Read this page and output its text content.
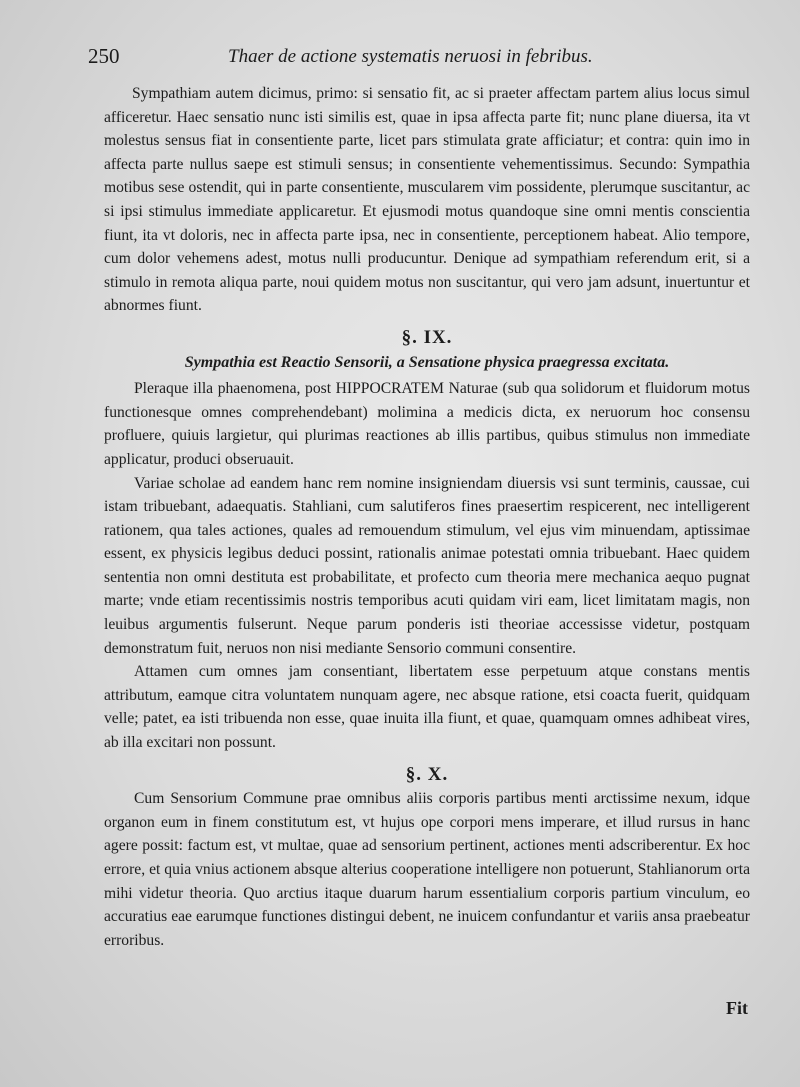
250	Thaer de actione systematis neruosi in febribus.

Sympathiam autem dicimus, primo: si sensatio fit, ac si praeter affectam partem alius locus simul afficeretur. Haec sensatio nunc isti similis est, quae in ipsa affecta parte fit; nunc plane diuersa, ita vt molestus sensus fiat in consentiente parte, licet pars stimulata grate afficiatur; et contra: quin imo in affecta parte nullus saepe est stimuli sensus; in consentiente vehementissimus. Secundo: Sympathia motibus sese ostendit, qui in parte consentiente, muscularem vim possidente, plerumque suscitantur, ac si ipsi stimulus immediate applicaretur. Et ejusmodi motus quandoque sine omni mentis conscientia fiunt, ita vt doloris, nec in affecta parte ipsa, nec in consentiente, perceptionem habeat. Alio tempore, cum dolor vehemens adest, motus nulli producuntur. Denique ad sympathiam referendum erit, si a stimulo in remota aliqua parte, noui quidem motus non suscitantur, qui vero jam adsunt, inuertuntur et abnormes fiunt.

§. IX.
Sympathia est Reactio Sensorii, a Sensatione physica praegressa excitata.

Pleraque illa phaenomena, post HIPPOCRATEM Naturae (sub qua solidorum et fluidorum motus functionesque omnes comprehendebant) molimina a medicis dicta, ex neruorum hoc consensu profluere, quiuis largietur, qui plurimas reactiones ab illis partibus, quibus stimulus non immediate applicatur, produci obseruauit.

Variae scholae ad eandem hanc rem nomine insigniendam diuersis vsi sunt terminis, caussae, cui istam tribuebant, adaequatis. Stahliani, cum salutiferos fines praesertim respicerent, nec intelligerent rationem, qua tales actiones, quales ad remouendum stimulum, vel ejus vim minuendam, aptissimae essent, ex physicis legibus deduci possint, rationalis animae potestati omnia tribuebant. Haec quidem sententia non omni destituta est probabilitate, et profecto cum theoria mere mechanica aequo pugnat marte; vnde etiam recentissimis nostris temporibus acuti quidam viri eam, licet limitatam magis, non leuibus argumentis fulserunt. Neque parum ponderis isti theoriae accessisse videtur, postquam demonstratum fuit, neruos non nisi mediante Sensorio communi consentire.

Attamen cum omnes jam consentiant, libertatem esse perpetuum atque constans mentis attributum, eamque citra voluntatem nunquam agere, nec absque ratione, etsi coacta fuerit, quidquam velle; patet, ea isti tribuenda non esse, quae inuita illa fiunt, et quae, quamquam omnes adhibeat vires, ab illa excitari non possunt.

§. X.

Cum Sensorium Commune prae omnibus aliis corporis partibus menti arctissime nexum, idque organon eum in finem constitutum est, vt hujus ope corpori mens imperare, et illud rursus in hanc agere possit: factum est, vt multae, quae ad sensorium pertinent, actiones menti adscriberentur. Ex hoc errore, et quia vnius actionem absque alterius cooperatione intelligere non potuerunt, Stahlianorum orta mihi videtur theoria. Quo arctius itaque duarum harum essentialium corporis partium vinculum, eo accuratius eae earumque functiones distingui debent, ne inuicem confundantur et variis ansa praebeatur erroribus.

Fit
